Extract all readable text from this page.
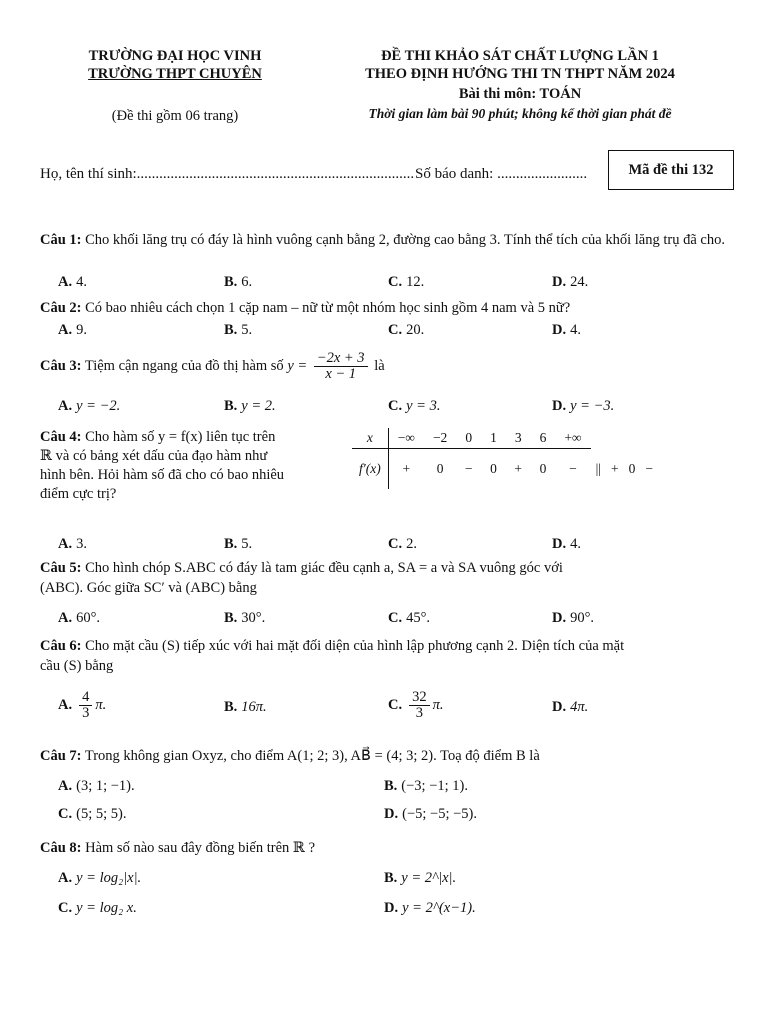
TRƯỜNG ĐẠI HỌC VINH
TRƯỜNG THPT CHUYÊN
(Đề thi gồm 06 trang)
ĐỀ THI KHẢO SÁT CHẤT LƯỢNG LẦN 1
THEO ĐỊNH HƯỚNG THI TN THPT NĂM 2024
Bài thi môn: TOÁN
Thời gian làm bài 90 phút; không kể thời gian phát đề
Họ, tên thí sinh:.......................................................................... Số báo danh: ........................	Mã đề thi 132
Câu 1: Cho khối lăng trụ có đáy là hình vuông cạnh bằng 2, đường cao bằng 3. Tính thể tích của khối lăng trụ đã cho.
A. 4.	B. 6.	C. 12.	D. 24.
Câu 2: Có bao nhiêu cách chọn 1 cặp nam – nữ từ một nhóm học sinh gồm 4 nam và 5 nữ?
A. 9.	B. 5.	C. 20.	D. 4.
Câu 3: Tiệm cận ngang của đồ thị hàm số $y = \frac{-2x + 3}{x - 1}$ là
A. y = −2.	B. y = 2.	C. y = 3.	D. y = −3.
Câu 4: Cho hàm số y = f(x) liên tục trên
ℝ và có bảng xét dấu của đạo hàm như
hình bên. Hỏi hàm số đã cho có bao nhiêu
điểm cực trị?
x	−∞	−2	0	1	3	6	+∞				
f′(x)	+	0	−	0	+	0	−	||	+	0	−
A. 3.	B. 5.	C. 2.	D. 4.
Câu 5: Cho hình chóp S.ABC có đáy là tam giác đều cạnh a, SA = a và SA vuông góc với
(ABC). Góc giữa SC′ và (ABC) bằng
A. 60°.	B. 30°.	C. 45°.	D. 90°.
Câu 6: Cho mặt cầu (S) tiếp xúc với hai mặt đối diện của hình lập phương cạnh 2. Diện tích của mặt
cầu (S) bằng
A. $\frac{4}{3} \pi$.	B. 16π.	C. $\frac{32}{3} \pi$.	D. 4π.
Câu 7: Trong không gian Oxyz, cho điểm A(1; 2; 3), AB⃗ = (4; 3; 2). Toạ độ điểm B là
A. (3; 1; −1).	B. (−3; −1; 1).
C. (5; 5; 5).	D. (−5; −5; −5).
Câu 8: Hàm số nào sau đây đồng biến trên ℝ ?
A. y = log₂|x|.	B. y = 2^|x|.
C. y = log₂ x.	D. y = 2^(x−1).
